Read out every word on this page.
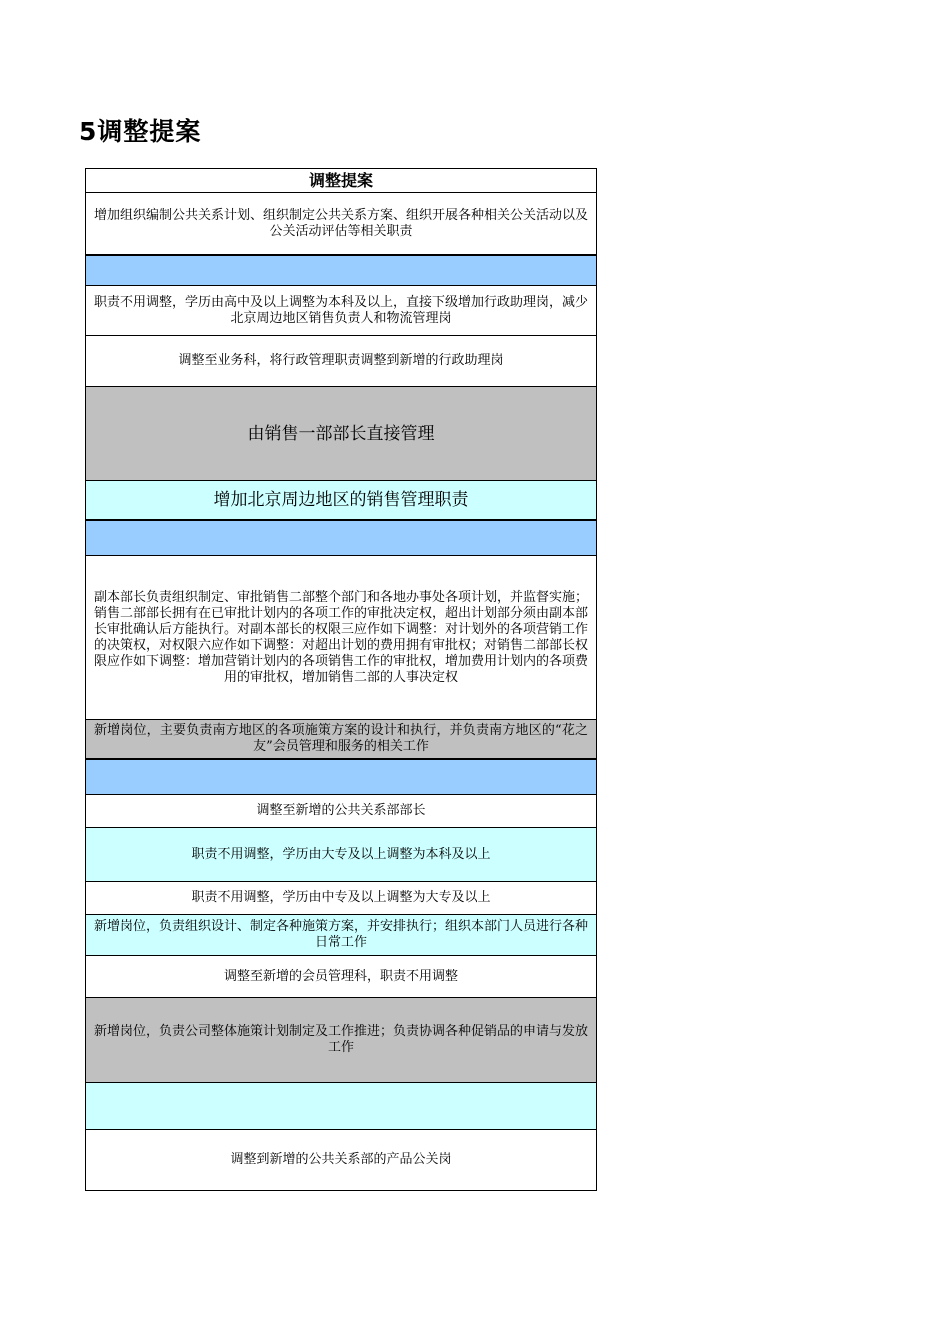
5调整提案
调整提案
增加组织编制公共关系计划、组织制定公共关系方案、组织开展各种相关公关活动以及公关活动评估等相关职责
职责不用调整，学历由高中及以上调整为本科及以上，直接下级增加行政助理岗，减少北京周边地区销售负责人和物流管理岗
调整至业务科，将行政管理职责调整到新增的行政助理岗
由销售一部部长直接管理
增加北京周边地区的销售管理职责
副本部长负责组织制定、审批销售二部整个部门和各地办事处各项计划，并监督实施；销售二部部长拥有在已审批计划内的各项工作的审批决定权，超出计划部分须由副本部长审批确认后方能执行。对副本部长的权限三应作如下调整：对计划外的各项营销工作的决策权，对权限六应作如下调整：对超出计划的费用拥有审批权；对销售二部部长权限应作如下调整：增加营销计划内的各项销售工作的审批权，增加费用计划内的各项费用的审批权，增加销售二部的人事决定权
新增岗位，主要负责南方地区的各项施策方案的设计和执行，并负责南方地区的“花之友”会员管理和服务的相关工作
调整至新增的公共关系部部长
职责不用调整，学历由大专及以上调整为本科及以上
职责不用调整，学历由中专及以上调整为大专及以上
新增岗位，负责组织设计、制定各种施策方案，并安排执行；组织本部门人员进行各种日常工作
调整至新增的会员管理科，职责不用调整
新增岗位，负责公司整体施策计划制定及工作推进；负责协调各种促销品的申请与发放工作
调整到新增的公共关系部的产品公关岗
